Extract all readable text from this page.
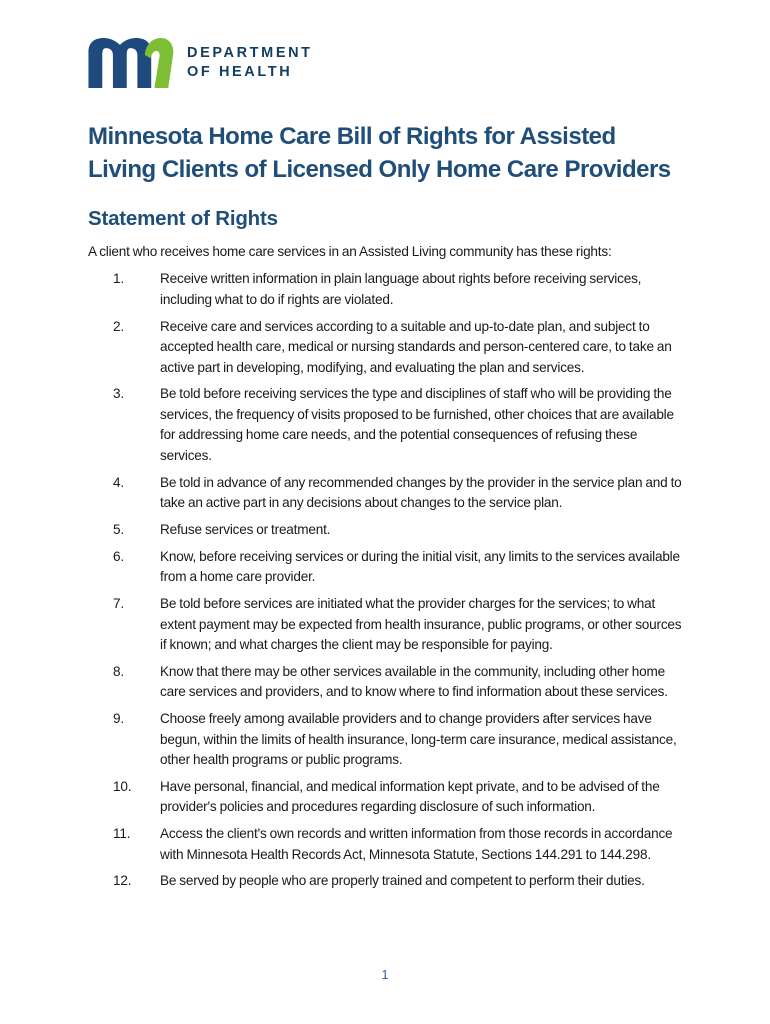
DEPARTMENT
OF HEALTH
Minnesota Home Care Bill of Rights for Assisted
Living Clients of Licensed Only Home Care Providers
Statement of Rights

A client who receives home care services in an Assisted Living community has these rights:

1.	Receive written information in plain language about rights before receiving services, including what to do if rights are violated.
2.	Receive care and services according to a suitable and up-to-date plan, and subject to accepted health care, medical or nursing standards and person-centered care, to take an active part in developing, modifying, and evaluating the plan and services.
3.	Be told before receiving services the type and disciplines of staff who will be providing the services, the frequency of visits proposed to be furnished, other choices that are available for addressing home care needs, and the potential consequences of refusing these services.
4.	Be told in advance of any recommended changes by the provider in the service plan and to take an active part in any decisions about changes to the service plan.
5.	Refuse services or treatment.
6.	Know, before receiving services or during the initial visit, any limits to the services available from a home care provider.
7.	Be told before services are initiated what the provider charges for the services; to what extent payment may be expected from health insurance, public programs, or other sources if known; and what charges the client may be responsible for paying.
8.	Know that there may be other services available in the community, including other home care services and providers, and to know where to find information about these services.
9.	Choose freely among available providers and to change providers after services have begun, within the limits of health insurance, long-term care insurance, medical assistance, other health programs or public programs.
10.	Have personal, financial, and medical information kept private, and to be advised of the provider's policies and procedures regarding disclosure of such information.
11.	Access the client's own records and written information from those records in accordance with Minnesota Health Records Act, Minnesota Statute, Sections 144.291 to 144.298.
12.	Be served by people who are properly trained and competent to perform their duties.
1
